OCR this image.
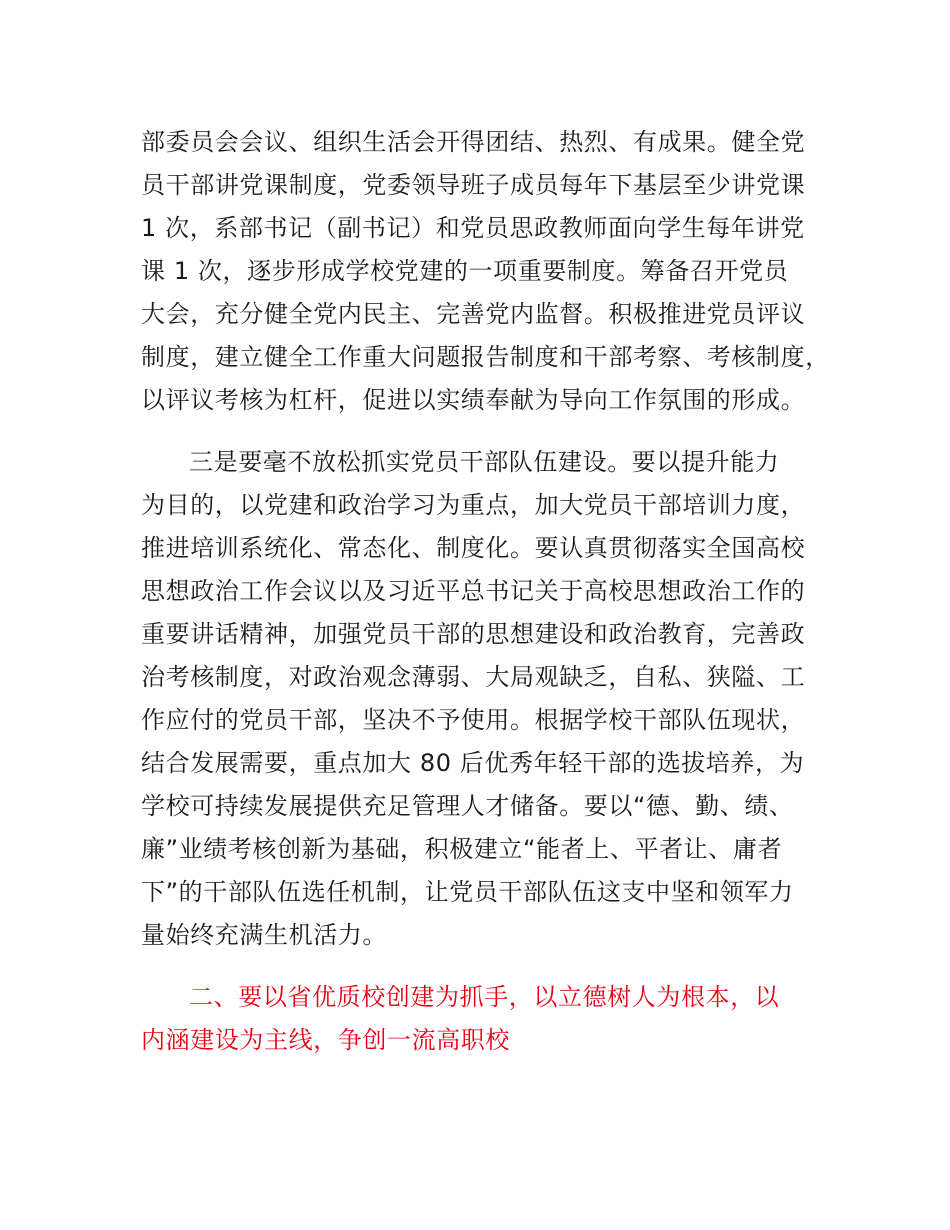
部委员会会议、组织生活会开得团结、热烈、有成果。健全党
员干部讲党课制度，党委领导班子成员每年下基层至少讲党课
1 次，系部书记（副书记）和党员思政教师面向学生每年讲党
课 1 次，逐步形成学校党建的一项重要制度。筹备召开党员
大会，充分健全党内民主、完善党内监督。积极推进党员评议
制度，建立健全工作重大问题报告制度和干部考察、考核制度，
以评议考核为杠杆，促进以实绩奉献为导向工作氛围的形成。
三是要毫不放松抓实党员干部队伍建设。要以提升能力
为目的，以党建和政治学习为重点，加大党员干部培训力度，
推进培训系统化、常态化、制度化。要认真贯彻落实全国高校
思想政治工作会议以及习近平总书记关于高校思想政治工作的
重要讲话精神，加强党员干部的思想建设和政治教育，完善政
治考核制度，对政治观念薄弱、大局观缺乏，自私、狭隘、工
作应付的党员干部，坚决不予使用。根据学校干部队伍现状，
结合发展需要，重点加大 80 后优秀年轻干部的选拔培养，为
学校可持续发展提供充足管理人才储备。要以“德、勤、绩、
廉”业绩考核创新为基础，积极建立“能者上、平者让、庸者
下”的干部队伍选任机制，让党员干部队伍这支中坚和领军力
量始终充满生机活力。
二、要以省优质校创建为抓手，以立德树人为根本，以
内涵建设为主线，争创一流高职校
